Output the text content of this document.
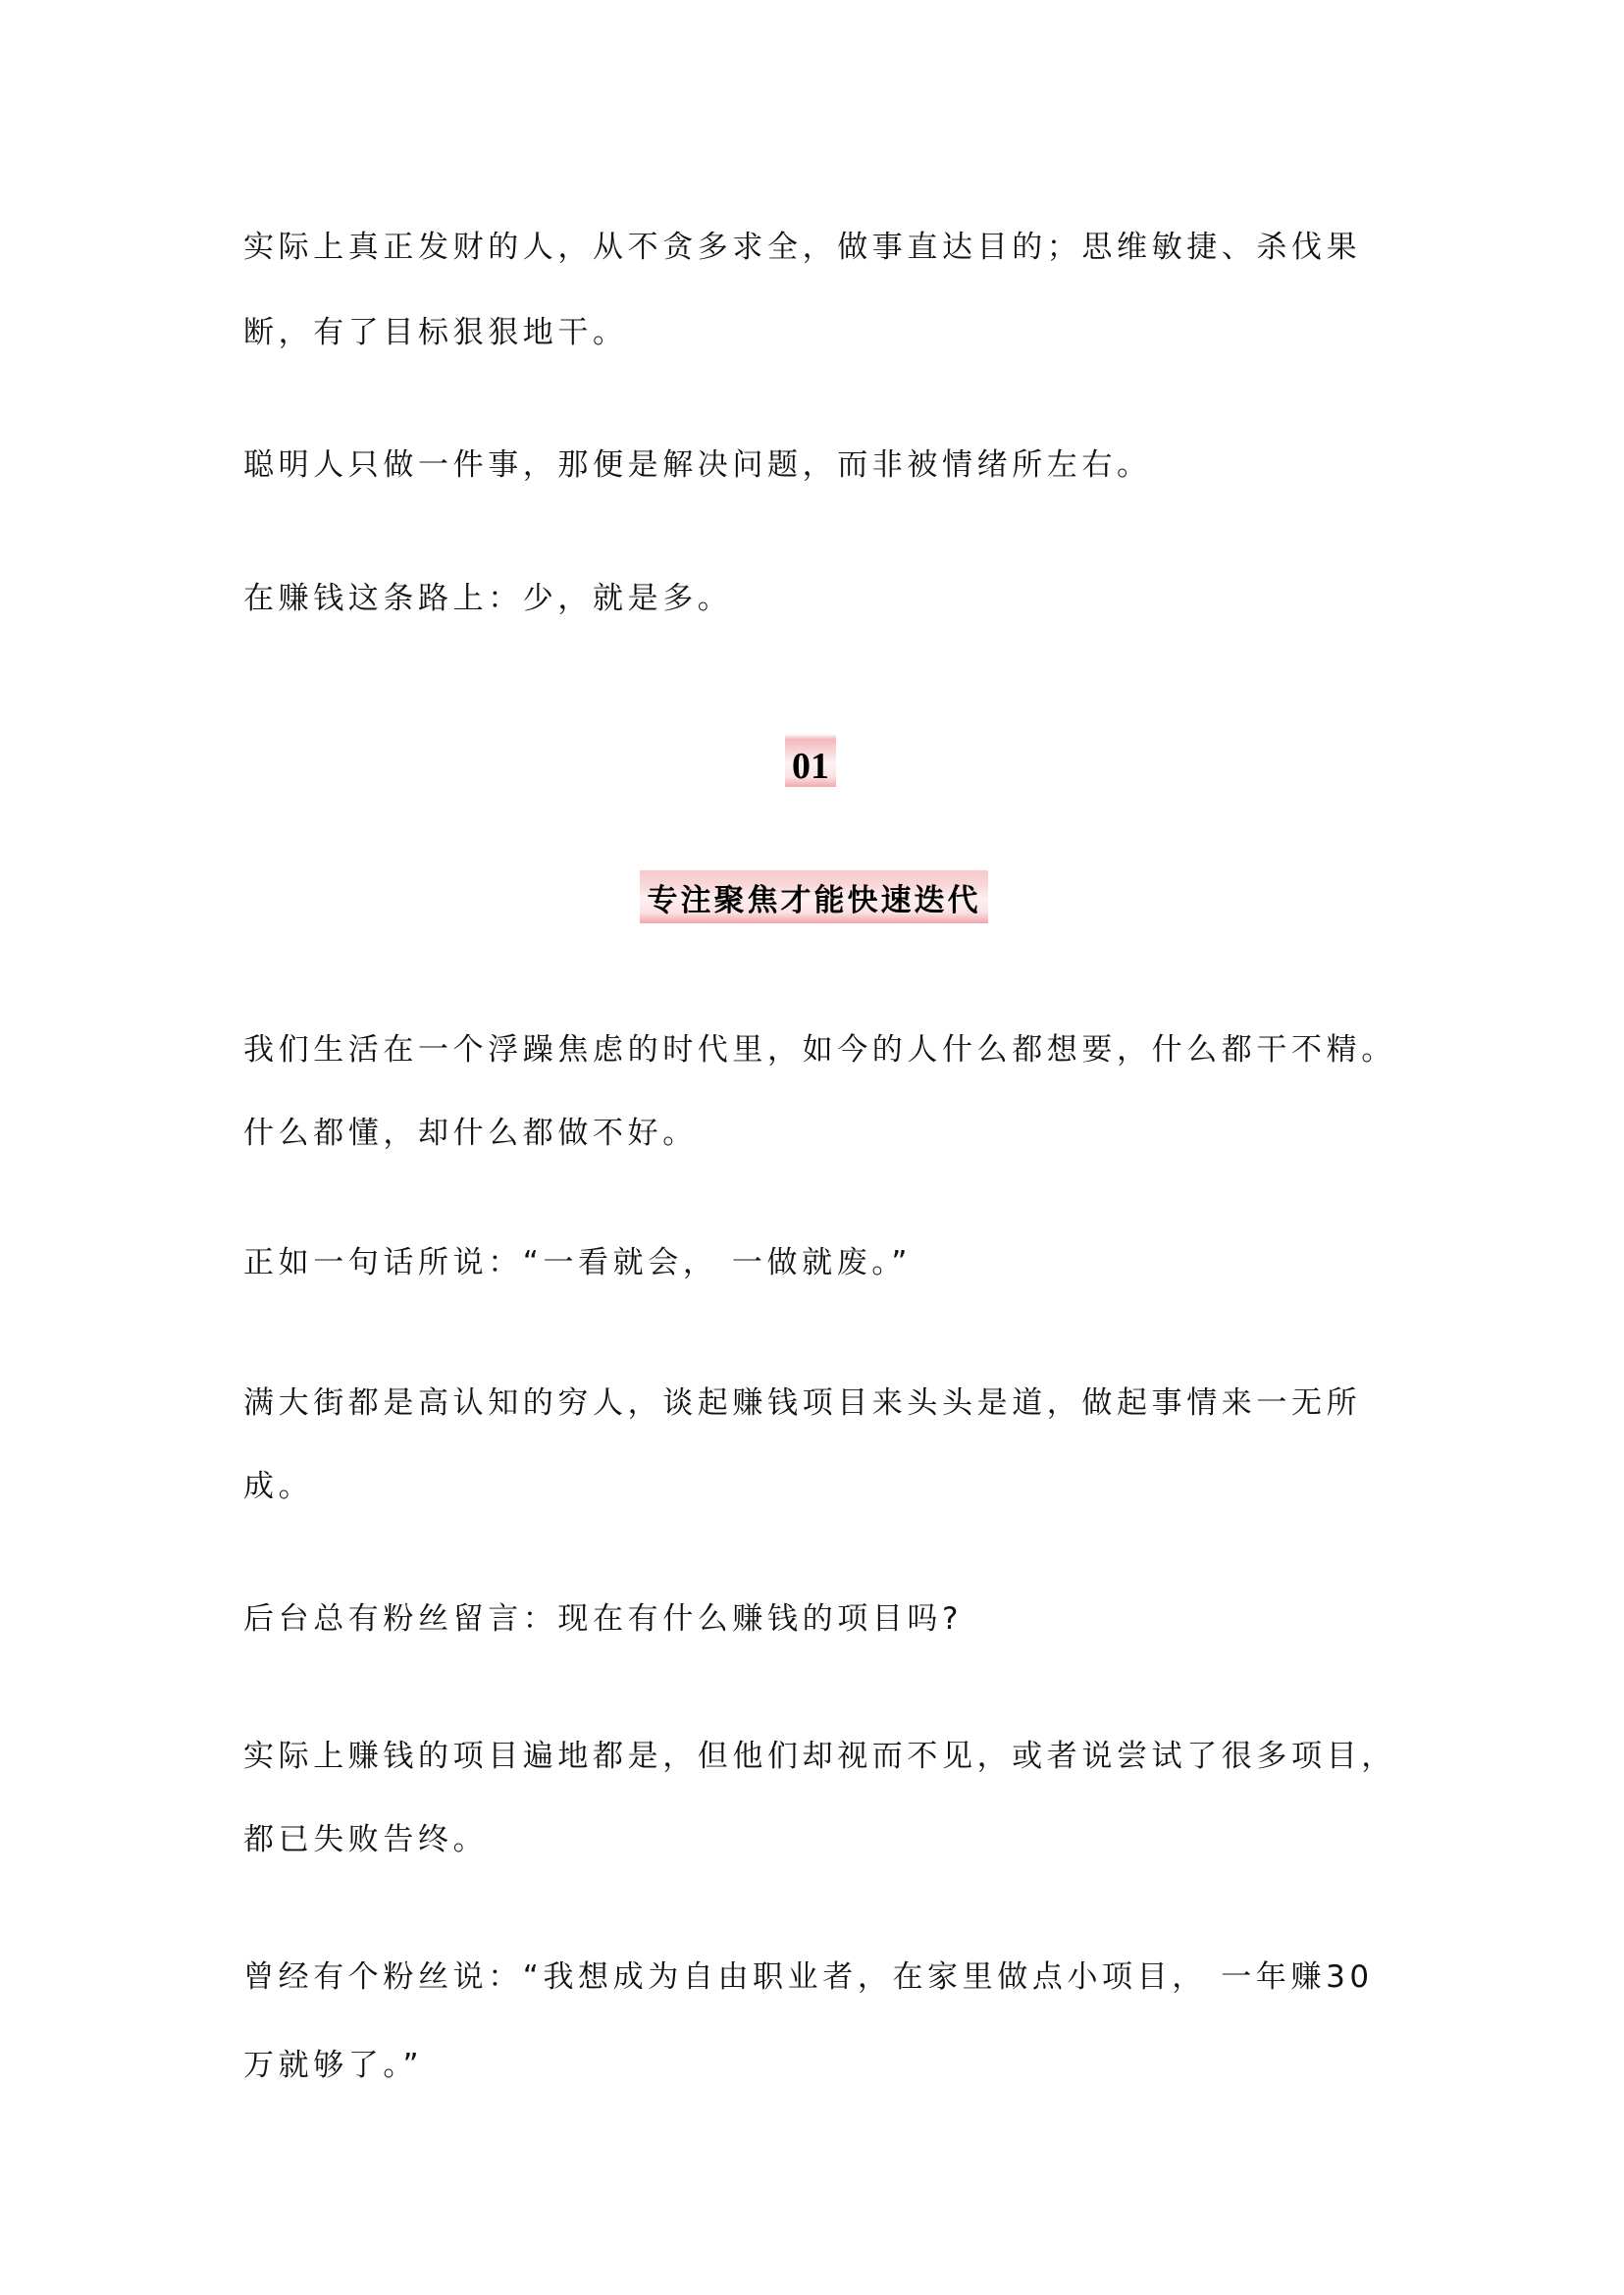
实际上真正发财的人，从不贪多求全，做事直达目的；思维敏捷、杀伐果
断，有了目标狠狠地干。
聪明人只做一件事，那便是解决问题，而非被情绪所左右。
在赚钱这条路上：少，就是多。
01
专注聚焦才能快速迭代
我们生活在一个浮躁焦虑的时代里，如今的人什么都想要，什么都干不精。
什么都懂，却什么都做不好。
正如一句话所说：“一看就会， 一做就废。”
满大街都是高认知的穷人，谈起赚钱项目来头头是道，做起事情来一无所
成。
后台总有粉丝留言：现在有什么赚钱的项目吗?
实际上赚钱的项目遍地都是，但他们却视而不见，或者说尝试了很多项目，
都已失败告终。
曾经有个粉丝说：“我想成为自由职业者，在家里做点小项目， 一年赚30
万就够了。”
